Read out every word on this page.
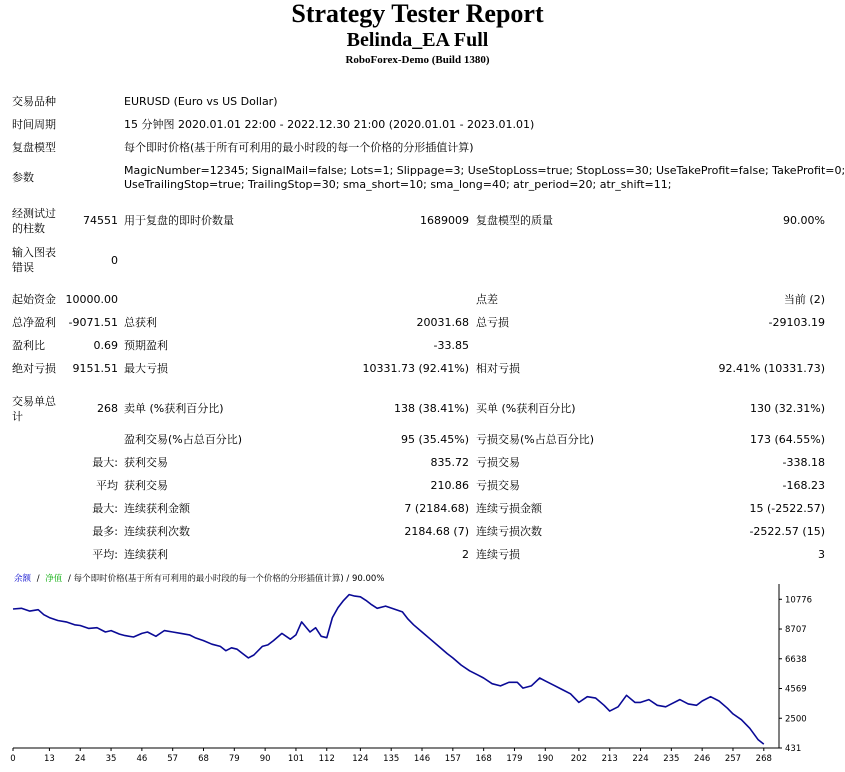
Strategy Tester Report
Belinda_EA Full
RoboForex-Demo (Build 1380)
交易品种	EURUSD (Euro vs US Dollar)
时间周期	15 分钟图 2020.01.01 22:00 - 2022.12.30 21:00 (2020.01.01 - 2023.01.01)
复盘模型	每个即时价格(基于所有可利用的最小时段的每一个价格的分形插值计算)
参数
MagicNumber=12345; SignalMail=false; Lots=1; Slippage=3; UseStopLoss=true; StopLoss=30; UseTakeProfit=false; TakeProfit=0;
UseTrailingStop=true; TrailingStop=30; sma_short=10; sma_long=40; atr_period=20; atr_shift=11;
经测试过
的柱数
74551 用于复盘的即时价数量	1689009 复盘模型的质量	90.00%
输入图表
错误
0
起始资金 10000.00	点差	当前 (2)
总净盈利	-9071.51 总获利	20031.68 总亏损	-29103.19
盈利比	0.69 预期盈利	-33.85
绝对亏损	9151.51 最大亏损	10331.73 (92.41%) 相对亏损	92.41% (10331.73)
交易单总
计
268 卖单 (%获利百分比)	138 (38.41%) 买单 (%获利百分比)	130 (32.31%)
盈利交易(%占总百分比)	95 (35.45%) 亏损交易(%占总百分比)	173 (64.55%)
最大: 获利交易	835.72 亏损交易	-338.18
平均 获利交易	210.86 亏损交易	-168.23
最大: 连续获利金额	7 (2184.68) 连续亏损金额	15 (-2522.57)
最多: 连续获利次数	2184.68 (7) 连续亏损次数	-2522.57 (15)
平均: 连续获利	2 连续亏损	3
余额 / 净值 / 每个即时价格(基于所有可利用的最小时段的每一个价格的分形插值计算) / 90.00%
10776
8707
6638
4569
2500
431
0	13 24 35 46 57 68 79 90 101 112 124 135 146 157 168 179 190 202 213 224 235 246 257 268
